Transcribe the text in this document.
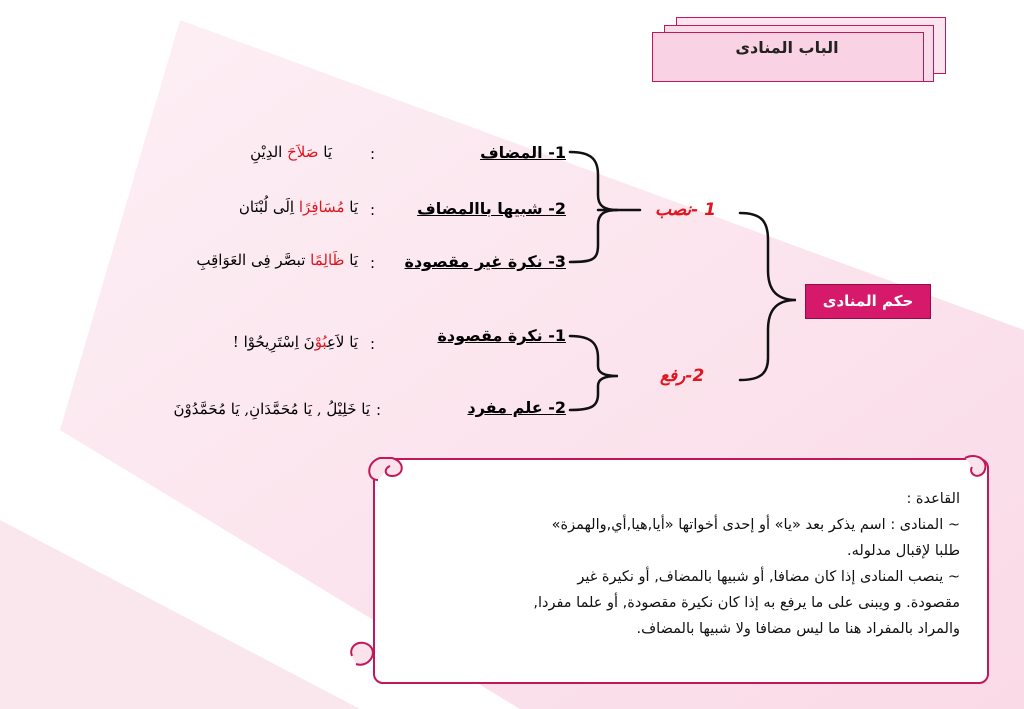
الباب المنادى
حكم المنادى
1 -نصب
2-رفع
1- المضاف
:
يَا صَلاَحَ الدِيْنِ
2- شبيها باالمضاف
:
يَا مُسَافِرًا اِلَى لُبْنَان
3- نكرة غير مقصودة
:
يَا ظَالِمًا تبصَّر فِى العَوَاقِبِ
1- نكرة مقصودة
:
يَا لاَعِبُوْنَ اِسْتَرِيحُوْا !
2- علم مفرد
:
يَا خَلِيْلُ , يَا مُحَمَّدَانِ, يَا مُحَمَّدُوْنَ
القاعدة :
~ المنادى : اسم يذكر بعد «يا» أو إحدى أخواتها «أيا,هيا,أي,والهمزة»
طلبا لإقبال مدلوله.
~ ينصب المنادى إذا كان مضافا, أو شبيها بالمضاف, أو نكيرة غير
مقصودة. و ويبنى على ما يرفع به إذا كان نكيرة مقصودة, أو علما مفردا,
والمراد بالمفراد هنا ما ليس مضافا ولا شبيها بالمضاف.
